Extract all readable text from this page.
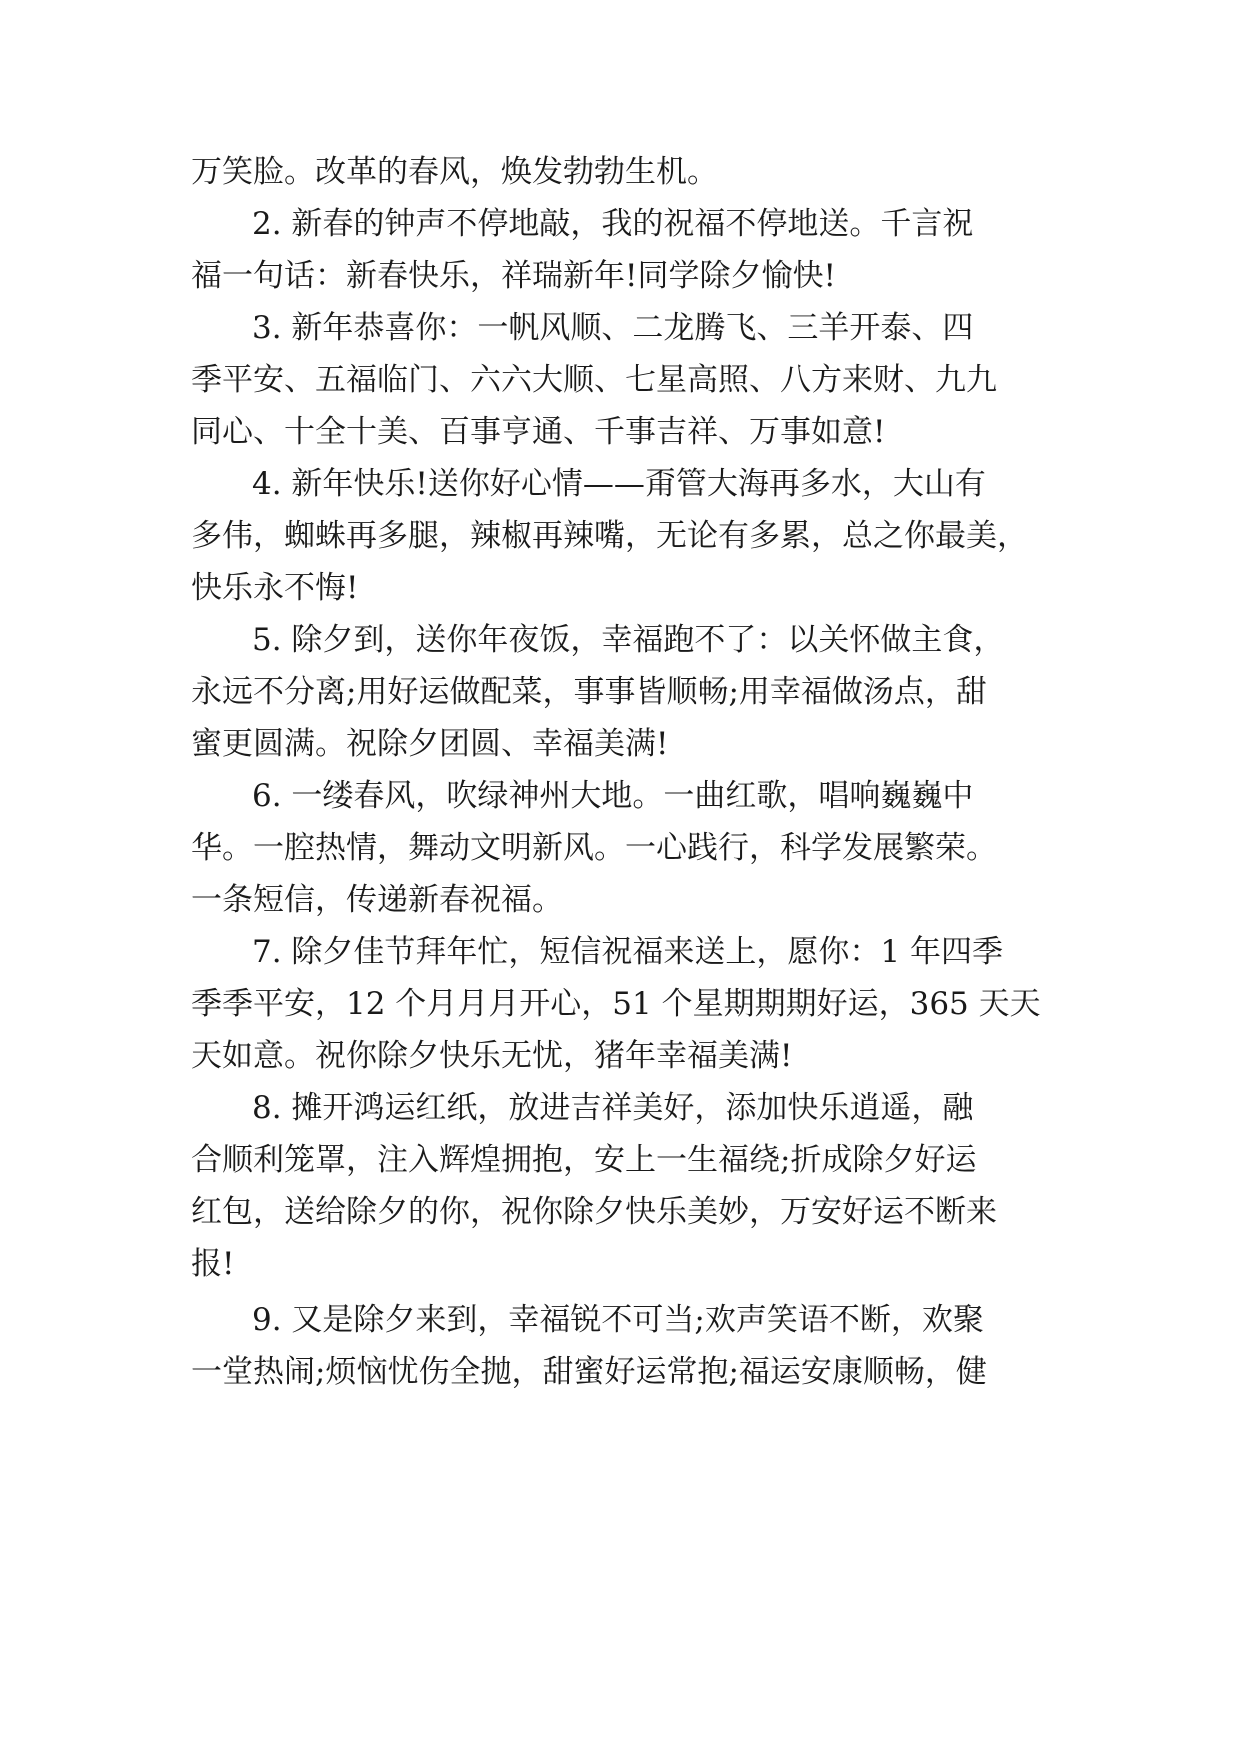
万笑脸。改革的春风，焕发勃勃生机。
2. 新春的钟声不停地敲，我的祝福不停地送。千言祝
福一句话：新春快乐，祥瑞新年!同学除夕愉快!
3. 新年恭喜你：一帆风顺、二龙腾飞、三羊开泰、四
季平安、五福临门、六六大顺、七星高照、八方来财、九九
同心、十全十美、百事亨通、千事吉祥、万事如意!
4. 新年快乐!送你好心情——甭管大海再多水，大山有
多伟，蜘蛛再多腿，辣椒再辣嘴，无论有多累，总之你最美，
快乐永不悔!
5. 除夕到，送你年夜饭，幸福跑不了：以关怀做主食，
永远不分离;用好运做配菜，事事皆顺畅;用幸福做汤点，甜
蜜更圆满。祝除夕团圆、幸福美满!
6. 一缕春风，吹绿神州大地。一曲红歌，唱响巍巍中
华。一腔热情，舞动文明新风。一心践行，科学发展繁荣。
一条短信，传递新春祝福。
7. 除夕佳节拜年忙，短信祝福来送上，愿你：1 年四季
季季平安，12 个月月月开心，51 个星期期期好运，365 天天
天如意。祝你除夕快乐无忧，猪年幸福美满!
8. 摊开鸿运红纸，放进吉祥美好，添加快乐逍遥，融
合顺利笼罩，注入辉煌拥抱，安上一生福绕;折成除夕好运
红包，送给除夕的你，祝你除夕快乐美妙，万安好运不断来
报!
9. 又是除夕来到，幸福锐不可当;欢声笑语不断，欢聚
一堂热闹;烦恼忧伤全抛，甜蜜好运常抱;福运安康顺畅，健
